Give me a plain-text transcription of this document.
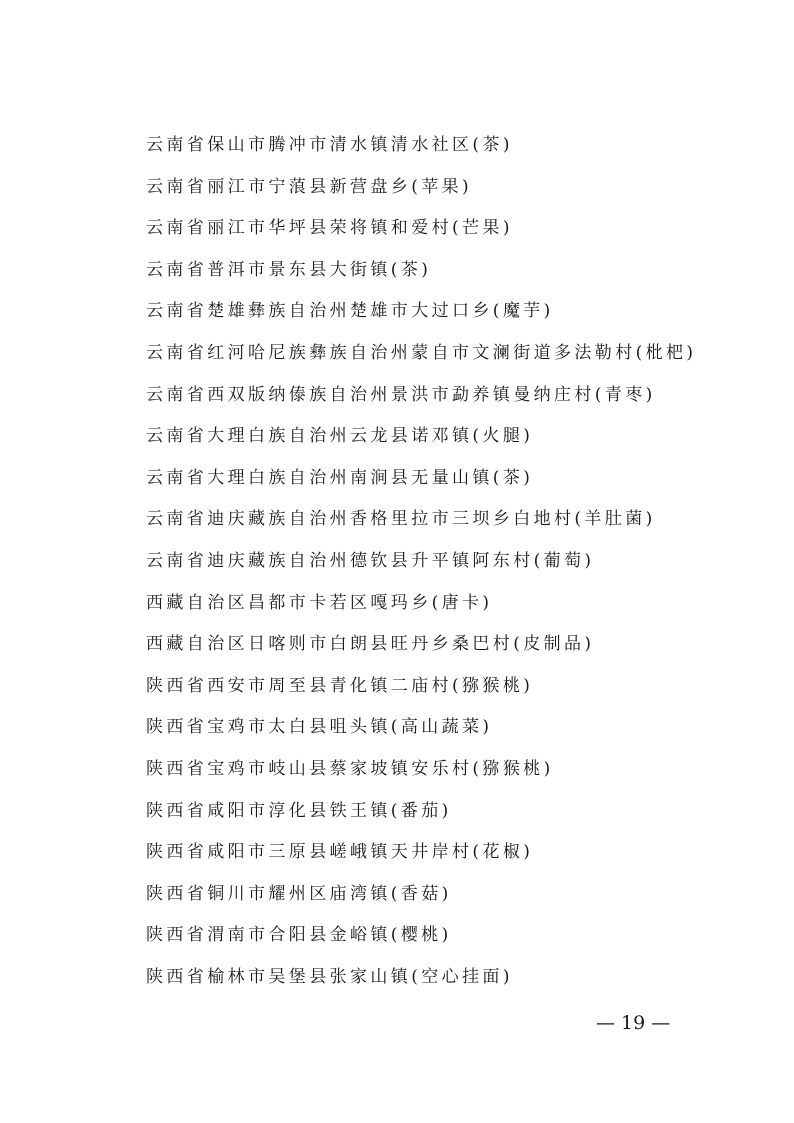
云南省保山市腾冲市清水镇清水社区(茶)
云南省丽江市宁蒗县新营盘乡(苹果)
云南省丽江市华坪县荣将镇和爱村(芒果)
云南省普洱市景东县大街镇(茶)
云南省楚雄彝族自治州楚雄市大过口乡(魔芋)
云南省红河哈尼族彝族自治州蒙自市文澜街道多法勒村(枇杷)
云南省西双版纳傣族自治州景洪市勐养镇曼纳庄村(青枣)
云南省大理白族自治州云龙县诺邓镇(火腿)
云南省大理白族自治州南涧县无量山镇(茶)
云南省迪庆藏族自治州香格里拉市三坝乡白地村(羊肚菌)
云南省迪庆藏族自治州德钦县升平镇阿东村(葡萄)
西藏自治区昌都市卡若区嘎玛乡(唐卡)
西藏自治区日喀则市白朗县旺丹乡桑巴村(皮制品)
陕西省西安市周至县青化镇二庙村(猕猴桃)
陕西省宝鸡市太白县咀头镇(高山蔬菜)
陕西省宝鸡市岐山县蔡家坡镇安乐村(猕猴桃)
陕西省咸阳市淳化县铁王镇(番茄)
陕西省咸阳市三原县嵯峨镇天井岸村(花椒)
陕西省铜川市耀州区庙湾镇(香菇)
陕西省渭南市合阳县金峪镇(樱桃)
陕西省榆林市吴堡县张家山镇(空心挂面)
— 19 —
